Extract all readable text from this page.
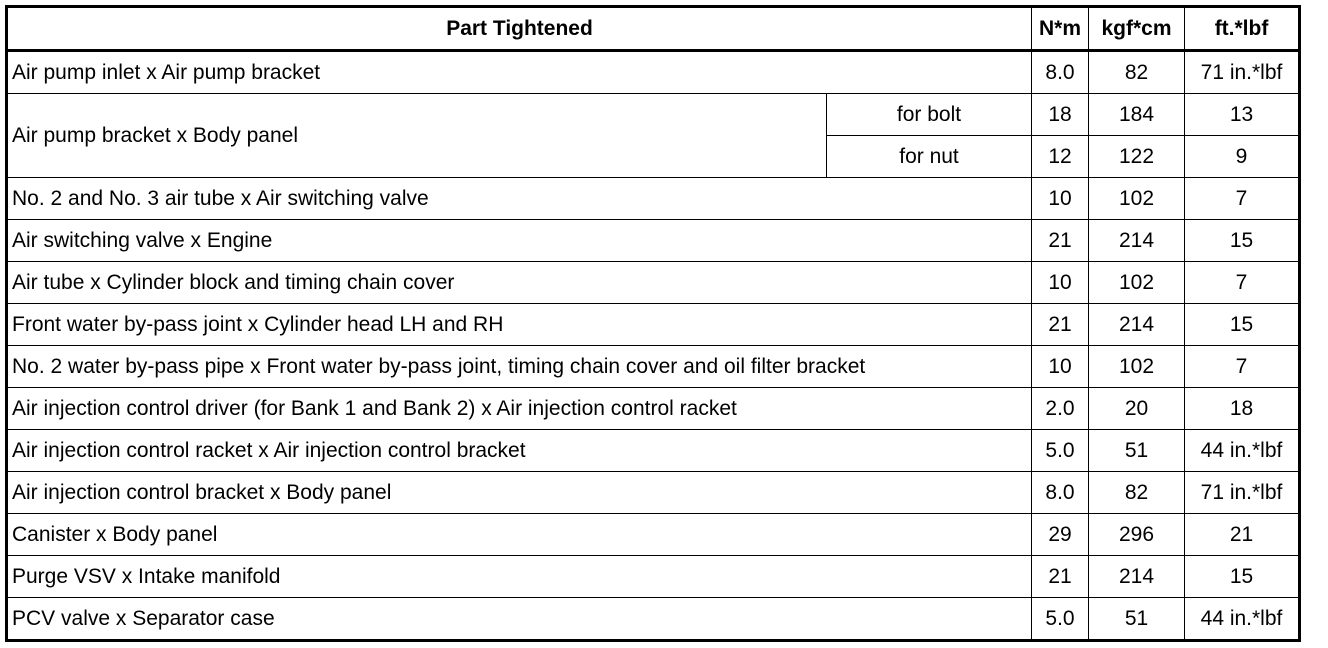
Part Tightened		N*m	kgf*cm	ft.*lbf
Air pump inlet x Air pump bracket		8.0	82	71 in.*lbf
Air pump bracket x Body panel	for bolt	18	184	13
	for nut	12	122	9
No. 2 and No. 3 air tube x Air switching valve		10	102	7
Air switching valve x Engine		21	214	15
Air tube x Cylinder block and timing chain cover		10	102	7
Front water by-pass joint x Cylinder head LH and RH		21	214	15
No. 2 water by-pass pipe x Front water by-pass joint, timing chain cover and oil filter bracket		10	102	7
Air injection control driver (for Bank 1 and Bank 2) x Air injection control racket		2.0	20	18
Air injection control racket x Air injection control bracket		5.0	51	44 in.*lbf
Air injection control bracket x Body panel		8.0	82	71 in.*lbf
Canister x Body panel		29	296	21
Purge VSV x Intake manifold		21	214	15
PCV valve x Separator case		5.0	51	44 in.*lbf
